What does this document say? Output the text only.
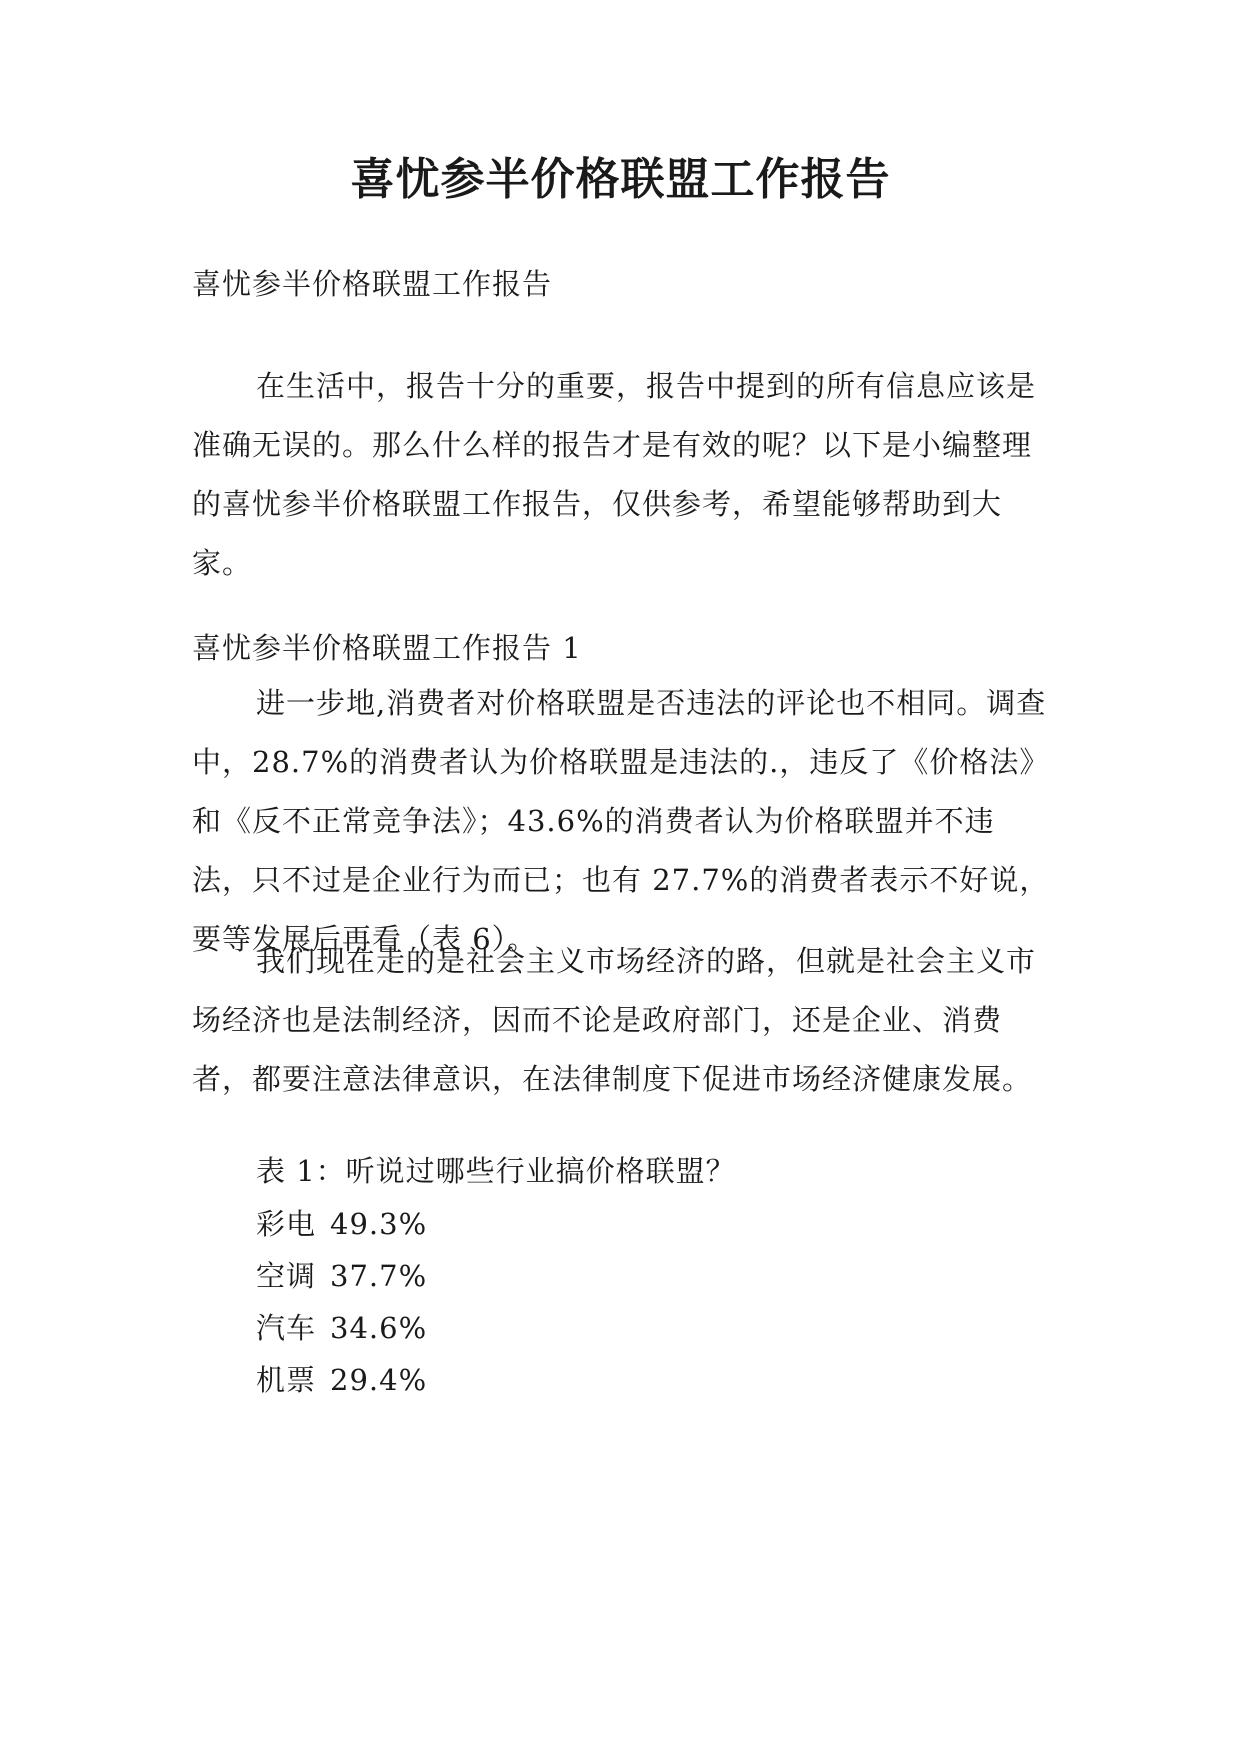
喜忧参半价格联盟工作报告

喜忧参半价格联盟工作报告

在生活中，报告十分的重要，报告中提到的所有信息应该是准确无误的。那么什么样的报告才是有效的呢？以下是小编整理的喜忧参半价格联盟工作报告，仅供参考，希望能够帮助到大家。

喜忧参半价格联盟工作报告 1

进一步地,消费者对价格联盟是否违法的评论也不相同。调查中，28.7%的消费者认为价格联盟是违法的.，违反了《价格法》和《反不正常竞争法》；43.6%的消费者认为价格联盟并不违法，只不过是企业行为而已；也有 27.7%的消费者表示不好说，要等发展后再看（表 6）。

我们现在走的是社会主义市场经济的路，但就是社会主义市场经济也是法制经济，因而不论是政府部门，还是企业、消费者，都要注意法律意识，在法律制度下促进市场经济健康发展。

表 1：听说过哪些行业搞价格联盟？

彩电 49.3%

空调 37.7%

汽车 34.6%

机票 29.4%
